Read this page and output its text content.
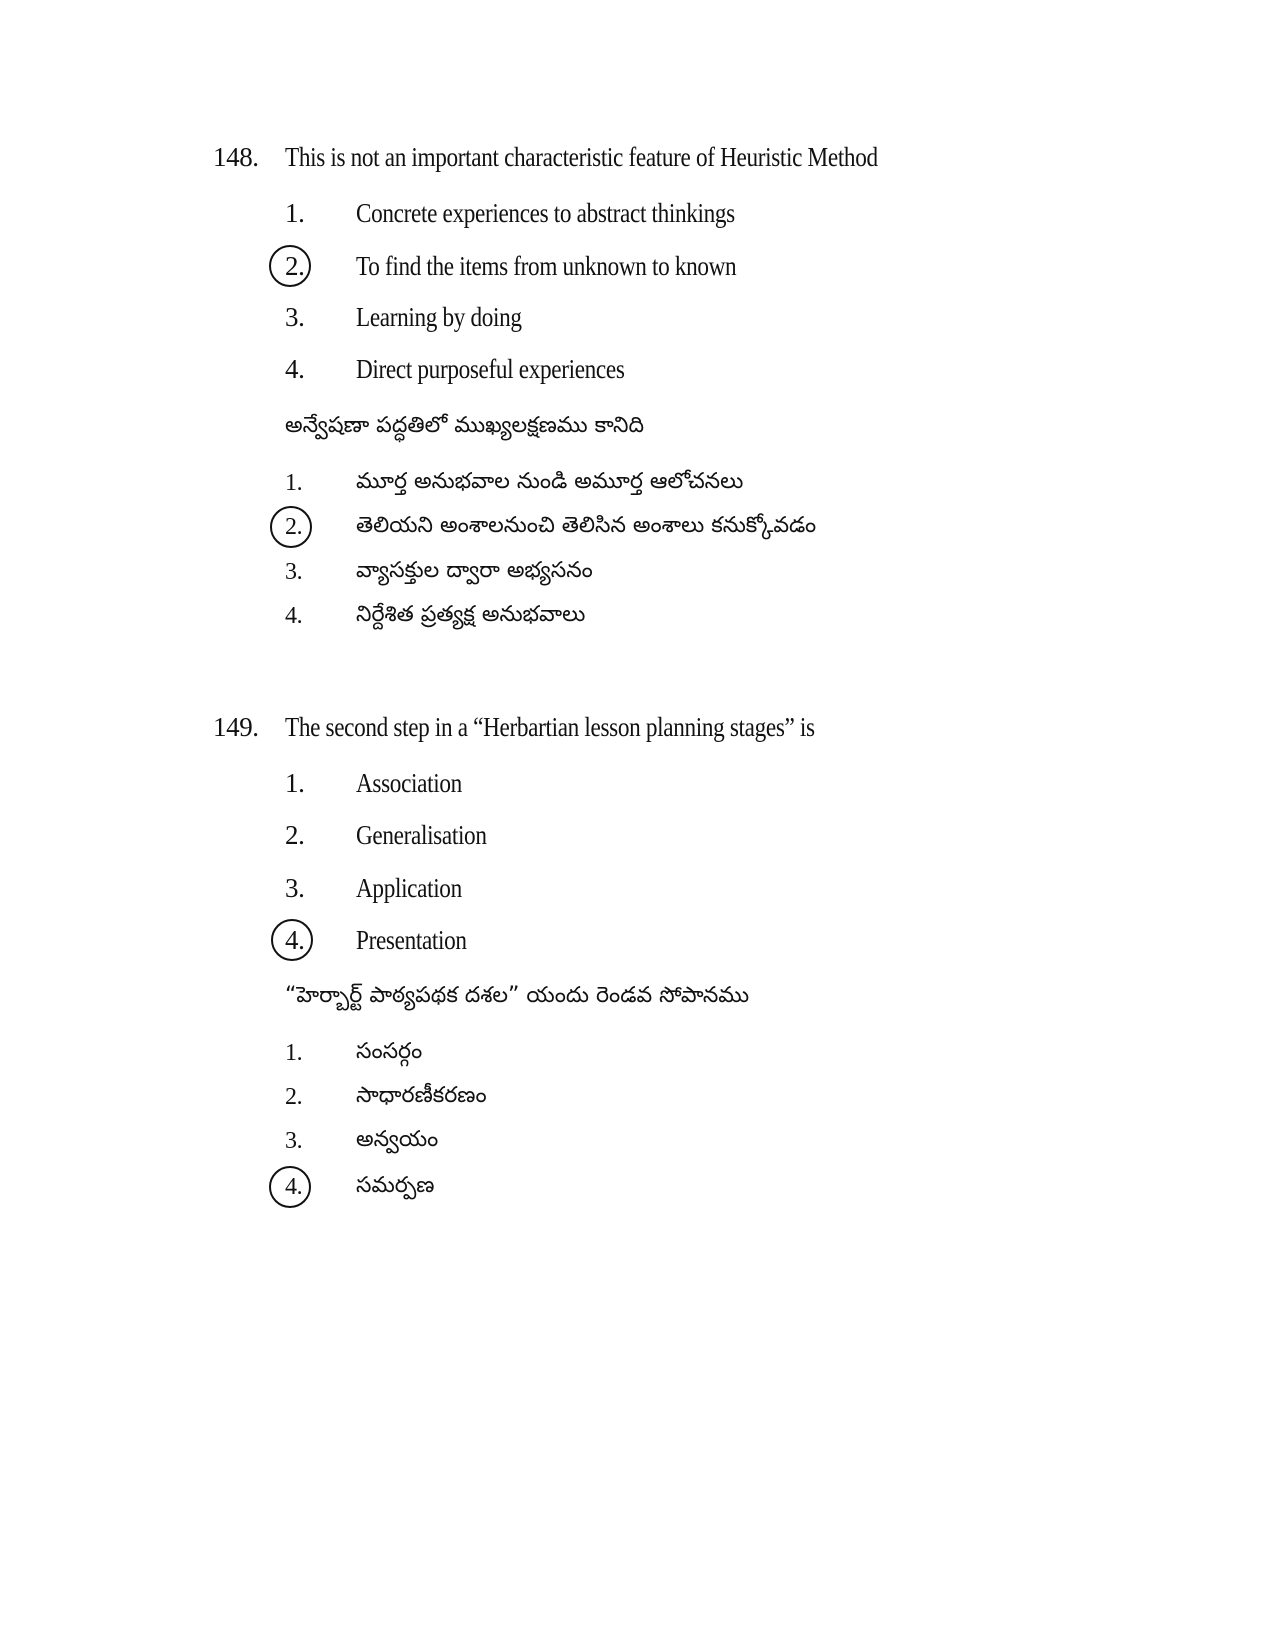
148. This is not an important characteristic feature of Heuristic Method
1. Concrete experiences to abstract thinkings
2. To find the items from unknown to known
3. Learning by doing
4. Direct purposeful experiences
అన్వేషణా పద్ధతిలో ముఖ్యలక్షణము కానిది
1. మూర్త అనుభవాల నుండి అమూర్త ఆలోచనలు
2. తెలియని అంశాలనుంచి తెలిసిన అంశాలు కనుక్కోవడం
3. వ్యాసక్తుల ద్వారా అభ్యసనం
4. నిర్దేశిత ప్రత్యక్ష అనుభవాలు
149. The second step in a “Herbartian lesson planning stages” is
1. Association
2. Generalisation
3. Application
4. Presentation
“హెర్బార్ట్ పాఠ్యపథక దశల” యందు రెండవ సోపానము
1. సంసర్గం
2. సాధారణీకరణం
3. అన్వయం
4. సమర్పణ
